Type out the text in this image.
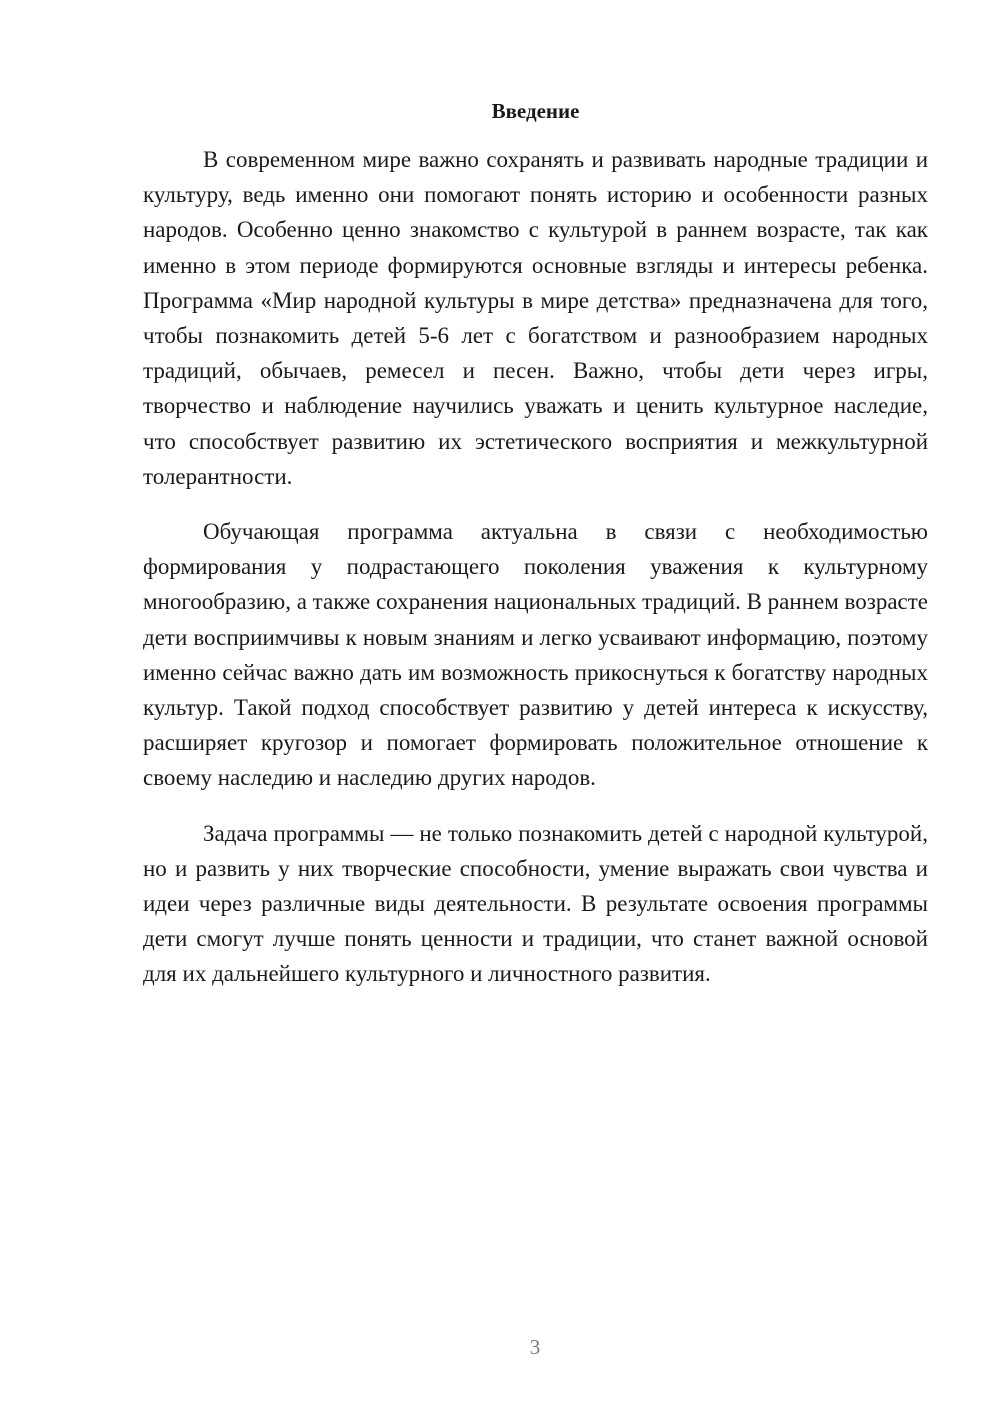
Введение

В современном мире важно сохранять и развивать народные традиции и культуру, ведь именно они помогают понять историю и особенности разных народов. Особенно ценно знакомство с культурой в раннем возрасте, так как именно в этом периоде формируются основные взгляды и интересы ребенка. Программа «Мир народной культуры в мире детства» предназначена для того, чтобы познакомить детей 5-6 лет с богатством и разнообразием народных традиций, обычаев, ремесел и песен. Важно, чтобы дети через игры, творчество и наблюдение научились уважать и ценить культурное наследие, что способствует развитию их эстетического восприятия и межкультурной толерантности.

Обучающая программа актуальна в связи с необходимостью формирования у подрастающего поколения уважения к культурному многообразию, а также сохранения национальных традиций. В раннем возрасте дети восприимчивы к новым знаниям и легко усваивают информацию, поэтому именно сейчас важно дать им возможность прикоснуться к богатству народных культур. Такой подход способствует развитию у детей интереса к искусству, расширяет кругозор и помогает формировать положительное отношение к своему наследию и наследию других народов.

Задача программы — не только познакомить детей с народной культурой, но и развить у них творческие способности, умение выражать свои чувства и идеи через различные виды деятельности. В результате освоения программы дети смогут лучше понять ценности и традиции, что станет важной основой для их дальнейшего культурного и личностного развития.

3
